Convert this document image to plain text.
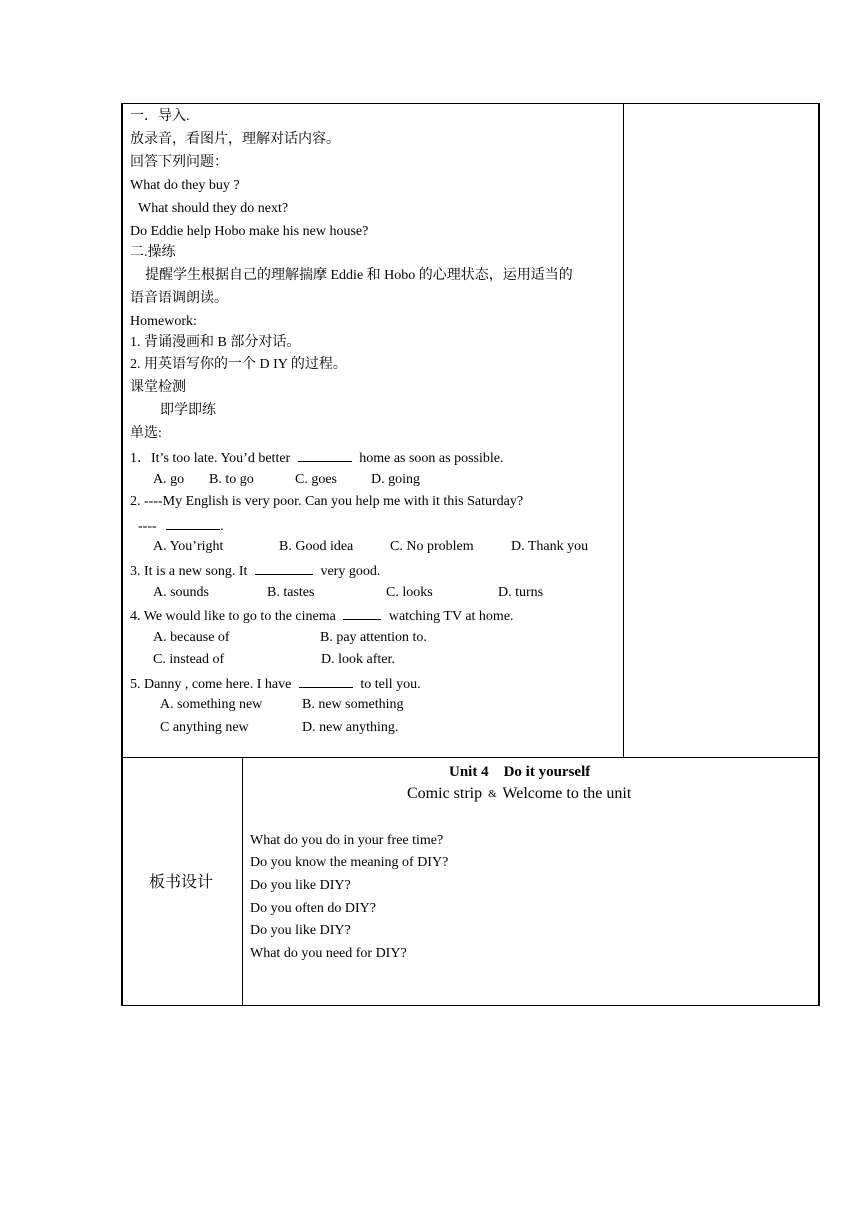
一．导入.
放录音，看图片，理解对话内容。
回答下列问题：
What do they buy ?
What should they do next?
Do Eddie help Hobo make his new house?
二.操练
提醒学生根据自己的理解揣摩 Eddie 和 Hobo 的心理状态，运用适当的
语音语调朗读。
Homework:
1. 背诵漫画和 B 部分对话。
2. 用英语写你的一个 D IY 的过程。
课堂检测
即学即练
单选:
1．It’s too late. You’d better	home as soon as possible.
A. go B. to go	C. goes D. going
2. ----My English is very poor. Can you help me with it this Saturday?
----	.
A. You’right	B. Good idea	C. No problem	D. Thank you
3. It is a new song. It	very good.
A. sounds	B. tastes	C. looks	D. turns
4. We would like to go to the cinema	watching TV at home.
A. because of	B. pay attention to.
C. instead of	D. look after.
5. Danny , come here. I have	to tell you.
A. something new	B. new something
C anything new	D. new anything.
板书设计
Unit 4    Do it yourself
Comic strip & Welcome to the unit
What do you do in your free time?
Do you know the meaning of DIY?
Do you like DIY?
Do you often do DIY?
Do you like DIY?
What do you need for DIY?
